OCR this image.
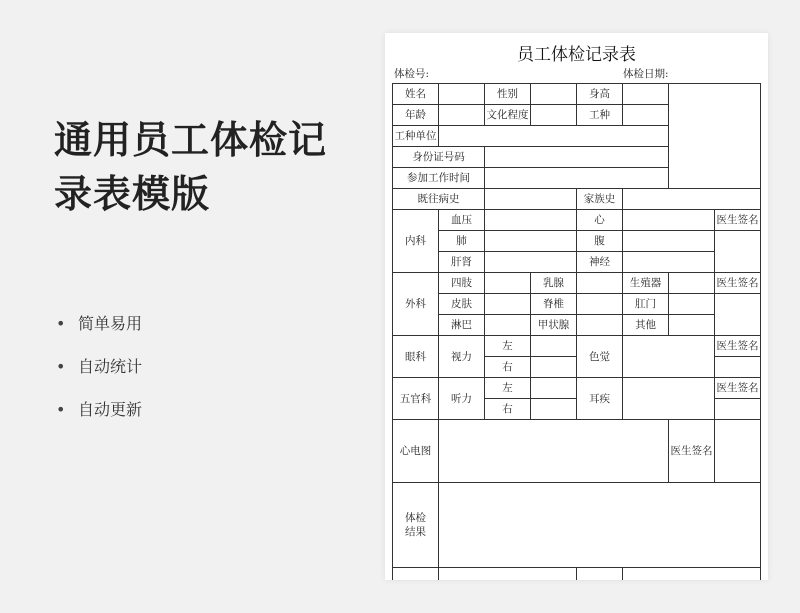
通用员工体检记
录表模版
• 简单易用
• 自动统计
• 自动更新
员工体检记录表
体检号:	体检日期:
姓名		性别		身高			
年龄		文化程度		工种			
工种单位							
身份证号码							
参加工作时间							
既往病史				家族史			
内科	血压			心			医生签名
	肺			腹			
	肝肾			神经			
外科	四肢		乳腺		生殖器		医生签名
	皮肤		脊椎		肛门		
	淋巴		甲状腺		其他		
眼科	视力	左		色觉			医生签名
		右					
五官科	听力	左		耳疾			医生签名
		右					
心电图						医生签名	
体检结果							
